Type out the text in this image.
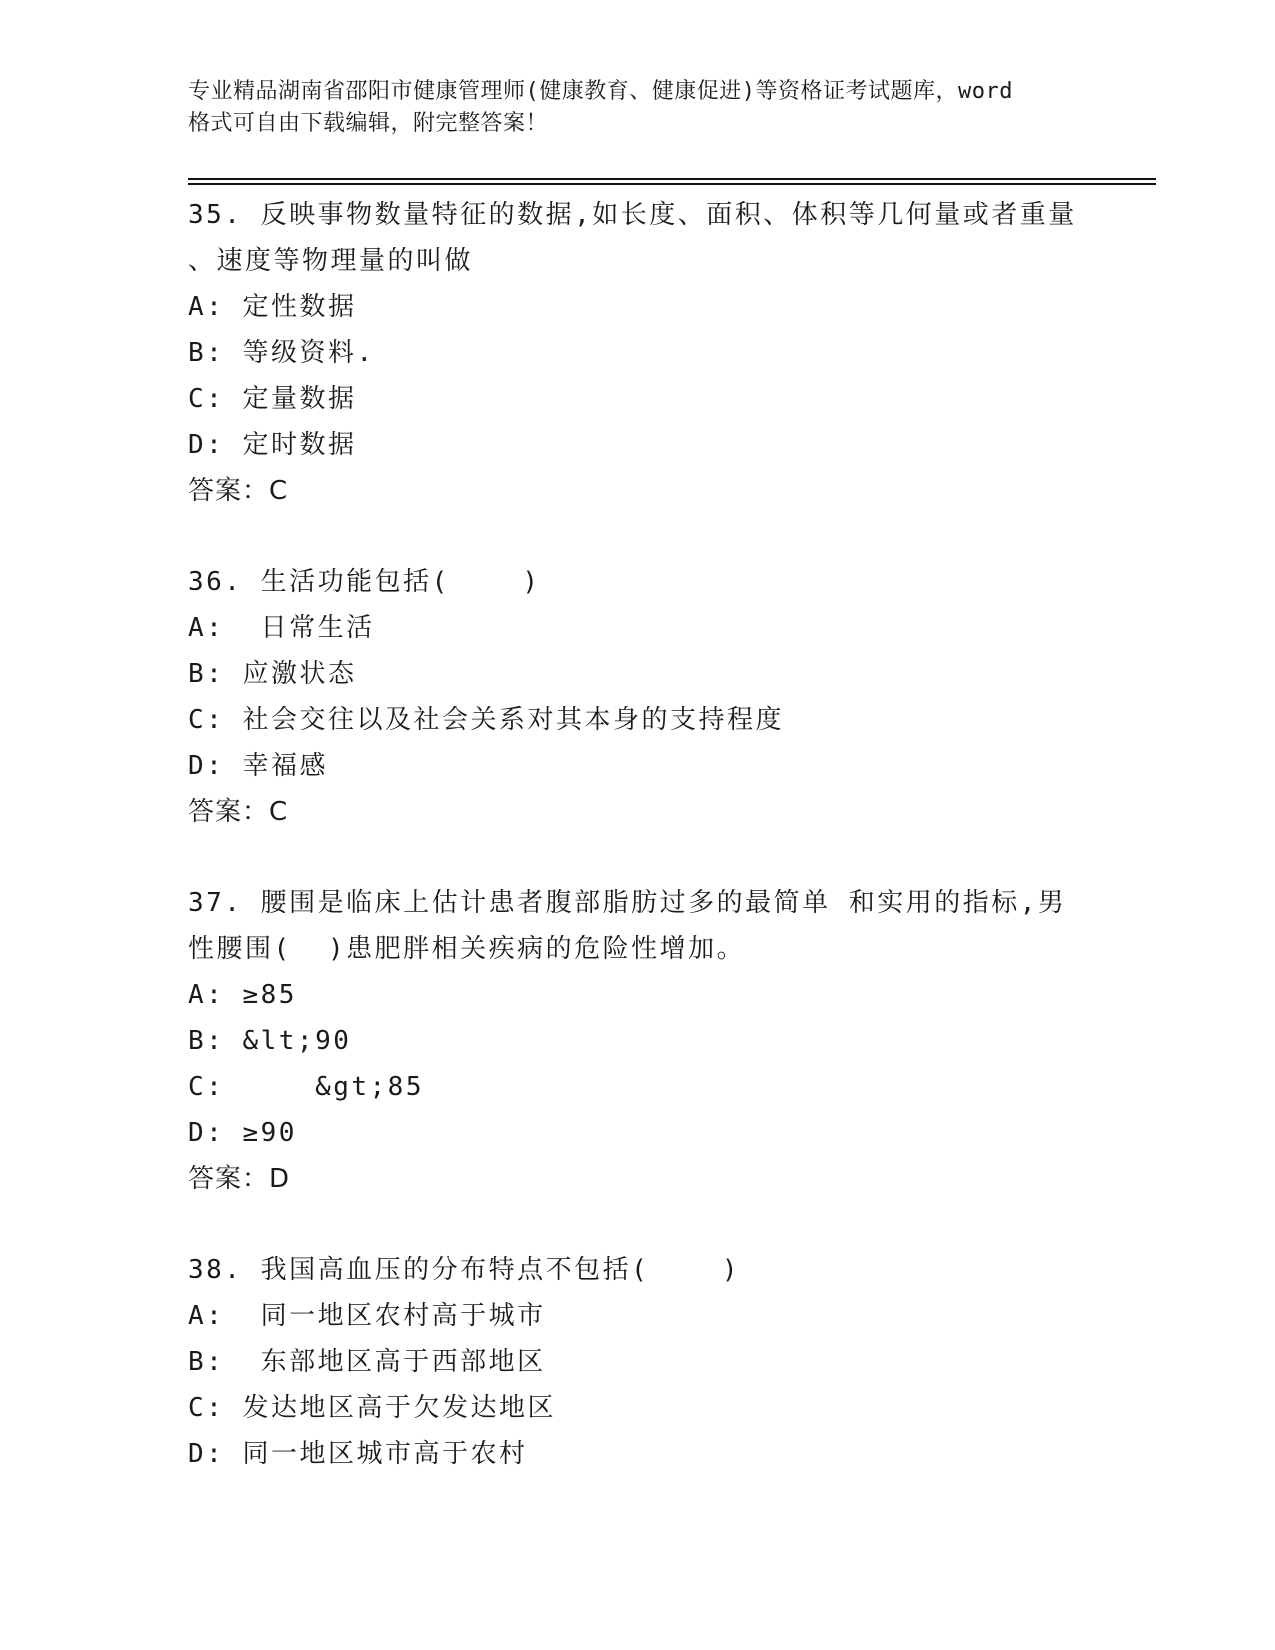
专业精品湖南省邵阳市健康管理师(健康教育、健康促进)等资格证考试题库，word
格式可自由下载编辑，附完整答案！
35. 反映事物数量特征的数据,如长度、面积、体积等几何量或者重量
、速度等物理量的叫做
A: 定性数据
B: 等级资料.
C: 定量数据
D: 定时数据
答案：C
36. 生活功能包括(    )
A:  日常生活
B: 应激状态
C: 社会交往以及社会关系对其本身的支持程度
D: 幸福感
答案：C
37. 腰围是临床上估计患者腹部脂肪过多的最简单 和实用的指标,男
性腰围(  )患肥胖相关疾病的危险性增加。
A: ≥85
B: &lt;90
C:     &gt;85
D: ≥90
答案：D
38. 我国高血压的分布特点不包括(    )
A:  同一地区农村高于城市
B:  东部地区高于西部地区
C: 发达地区高于欠发达地区
D: 同一地区城市高于农村
